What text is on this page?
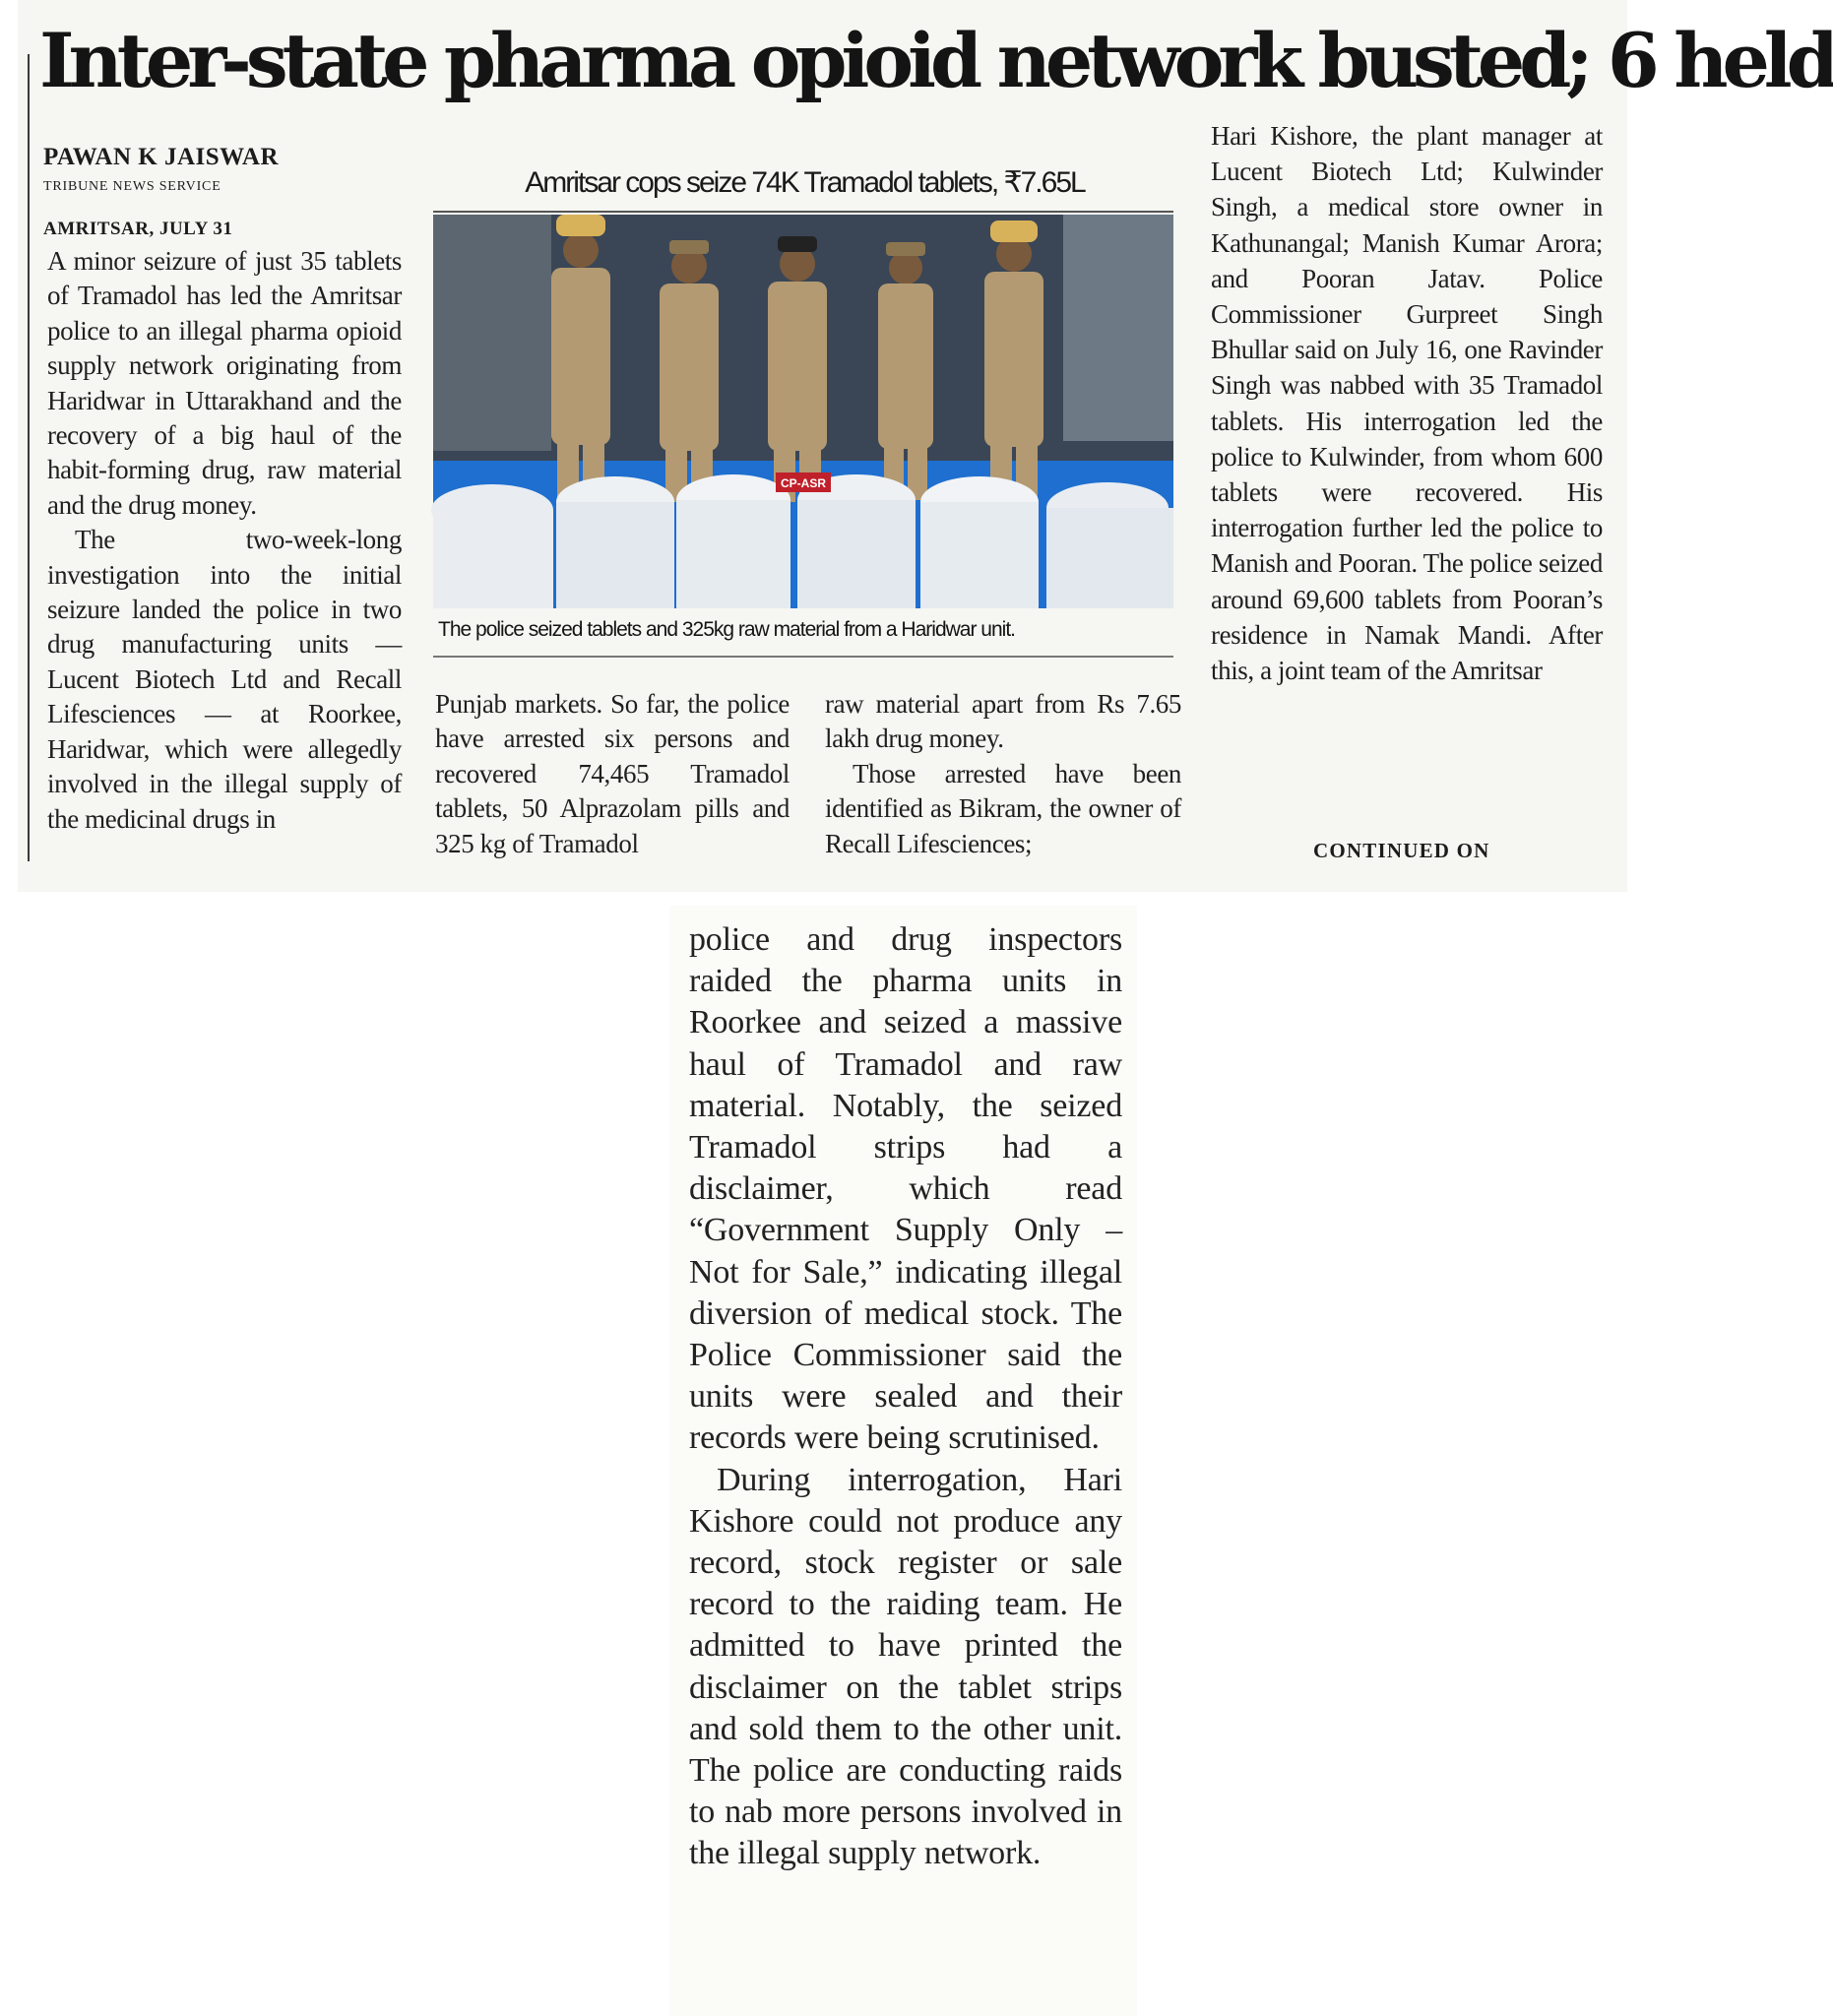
Inter-state pharma opioid network busted; 6 held
PAWAN K JAISWAR
TRIBUNE NEWS SERVICE
AMRITSAR, JULY 31

A minor seizure of just 35 tablets of Tramadol has led the Amritsar police to an illegal pharma opioid supply network originating from Haridwar in Uttarakhand and the recovery of a big haul of the habit-forming drug, raw material and the drug money.

The two-week-long investigation into the initial seizure landed the police in two drug manufacturing units — Lucent Biotech Ltd and Recall Lifesciences — at Roorkee, Haridwar, which were allegedly involved in the illegal supply of the medicinal drugs in

Amritsar cops seize 74K Tramadol tablets, ₹7.65L
CP-ASR
The police seized tablets and 325kg raw material from a Haridwar unit.

Punjab markets. So far, the police have arrested six persons and recovered 74,465 Tramadol tablets, 50 Alprazolam pills and 325 kg of Tramadol

raw material apart from Rs 7.65 lakh drug money.

Those arrested have been identified as Bikram, the owner of Recall Lifesciences;

Hari Kishore, the plant manager at Lucent Biotech Ltd; Kulwinder Singh, a medical store owner in Kathunangal; Manish Kumar Arora; and Pooran Jatav. Police Commissioner Gurpreet Singh Bhullar said on July 16, one Ravinder Singh was nabbed with 35 Tramadol tablets. His interrogation led the police to Kulwinder, from whom 600 tablets were recovered. His interrogation further led the police to Manish and Pooran. The police seized around 69,600 tablets from Pooran’s residence in Namak Mandi. After this, a joint team of the Amritsar

CONTINUED ON

police and drug inspectors raided the pharma units in Roorkee and seized a massive haul of Tramadol and raw material. Notably, the seized Tramadol strips had a disclaimer, which read “Government Supply Only – Not for Sale,” indicating illegal diversion of medical stock. The Police Commissioner said the units were sealed and their records were being scrutinised.

During interrogation, Hari Kishore could not produce any record, stock register or sale record to the raiding team. He admitted to have printed the disclaimer on the tablet strips and sold them to the other unit. The police are conducting raids to nab more persons involved in the illegal supply network.
